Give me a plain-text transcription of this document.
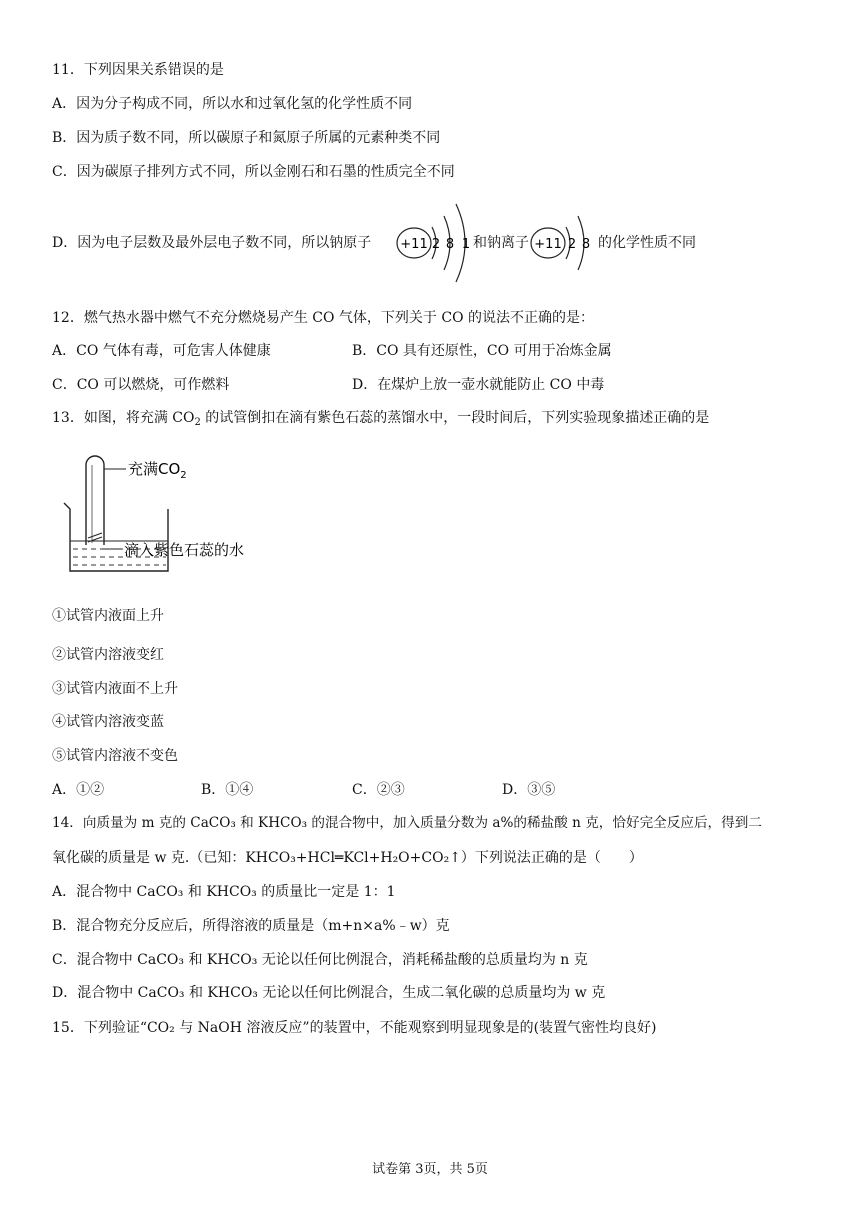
11．下列因果关系错误的是
A．因为分子构成不同，所以水和过氧化氢的化学性质不同
B．因为质子数不同，所以碳原子和氮原子所属的元素种类不同
C．因为碳原子排列方式不同，所以金刚石和石墨的性质完全不同
D．因为电子层数及最外层电子数不同，所以钠原子 +11 2 8 1 和钠离子 +11 2 8 的化学性质不同
12．燃气热水器中燃气不充分燃烧易产生 CO 气体，下列关于 CO 的说法不正确的是：
A．CO 气体有毒，可危害人体健康	B．CO 具有还原性，CO 可用于冶炼金属
C．CO 可以燃烧，可作燃料	D．在煤炉上放一壶水就能防止 CO 中毒
13．如图，将充满 $CO_2$ 的试管倒扣在滴有紫色石蕊的蒸馏水中，一段时间后，下列实验现象描述正确的是
充满$CO_2$
滴入紫色石蕊的水
①试管内液面上升
②试管内溶液变红
③试管内液面不上升
④试管内溶液变蓝
⑤试管内溶液不变色
A．①②	B．①④	C．②③	D．③⑤
14．向质量为 m 克的 CaCO₃ 和 KHCO₃ 的混合物中，加入质量分数为 a%的稀盐酸 n 克，恰好完全反应后，得到二
氧化碳的质量是 w 克.（已知：KHCO₃+HCl═KCl+H₂O+CO₂↑）下列说法正确的是（　　）
A．混合物中 CaCO₃ 和 KHCO₃ 的质量比一定是 1：1
B．混合物充分反应后，所得溶液的质量是（m+n×a%﹣w）克
C．混合物中 CaCO₃ 和 KHCO₃ 无论以任何比例混合，消耗稀盐酸的总质量均为 n 克
D．混合物中 CaCO₃ 和 KHCO₃ 无论以任何比例混合，生成二氧化碳的总质量均为 w 克
15．下列验证“CO₂ 与 NaOH 溶液反应”的装置中，不能观察到明显现象是的(装置气密性均良好)
试卷第 3页，共 5页
